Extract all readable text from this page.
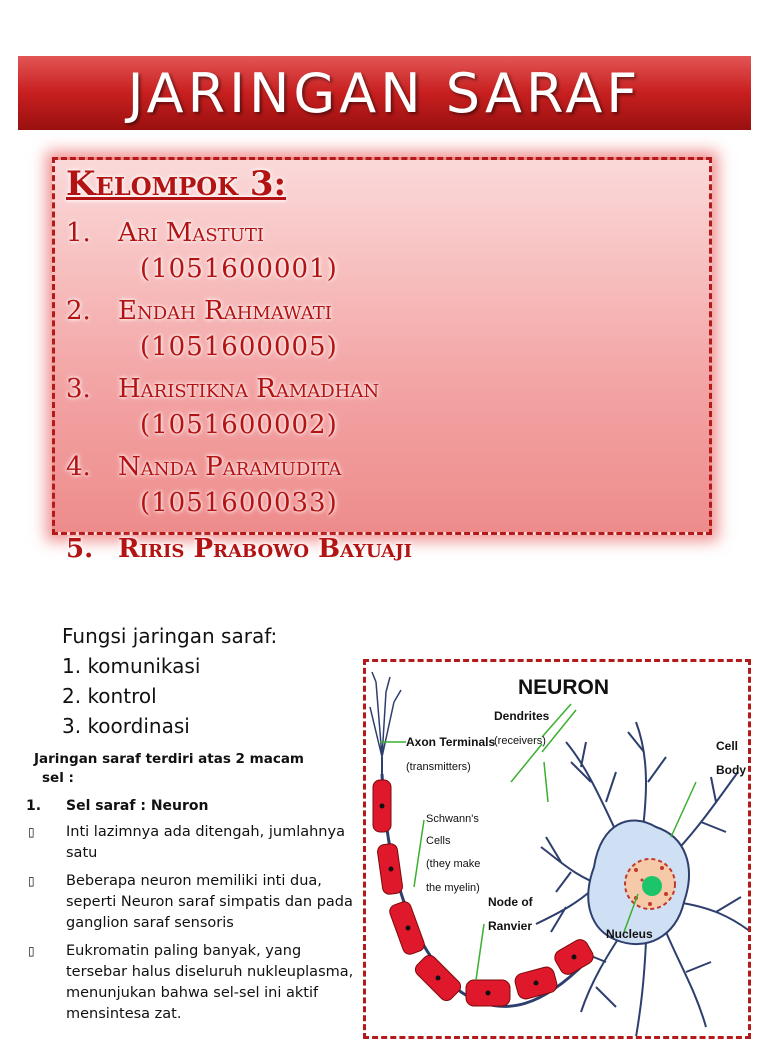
JARINGAN SARAF
Kelompok 3:
1. Ari Mastuti
(1051600001)
2. Endah Rahmawati
(1051600005)
3. Haristikna Ramadhan
(1051600002)
4. Nanda Paramudita
(1051600033)
5. Riris Prabowo Bayuaji
Fungsi jaringan saraf:
1. komunikasi
2. kontrol
3. koordinasi
Jaringan saraf terdiri atas 2 macam
sel :
1. Sel saraf : Neuron
▯ Inti lazimnya ada ditengah, jumlahnya satu
▯ Beberapa neuron memiliki inti dua, seperti Neuron saraf simpatis dan pada ganglion saraf sensoris
▯ Eukromatin paling banyak, yang tersebar halus diseluruh nukleuplasma, menunjukan bahwa sel-sel ini aktif mensintesa zat.
NEURON
Dendrites
(receivers)
Axon Terminals
(transmitters)
Cell
Body
Schwann's
Cells
(they make
the myelin)
Node of
Ranvier
Nucleus
